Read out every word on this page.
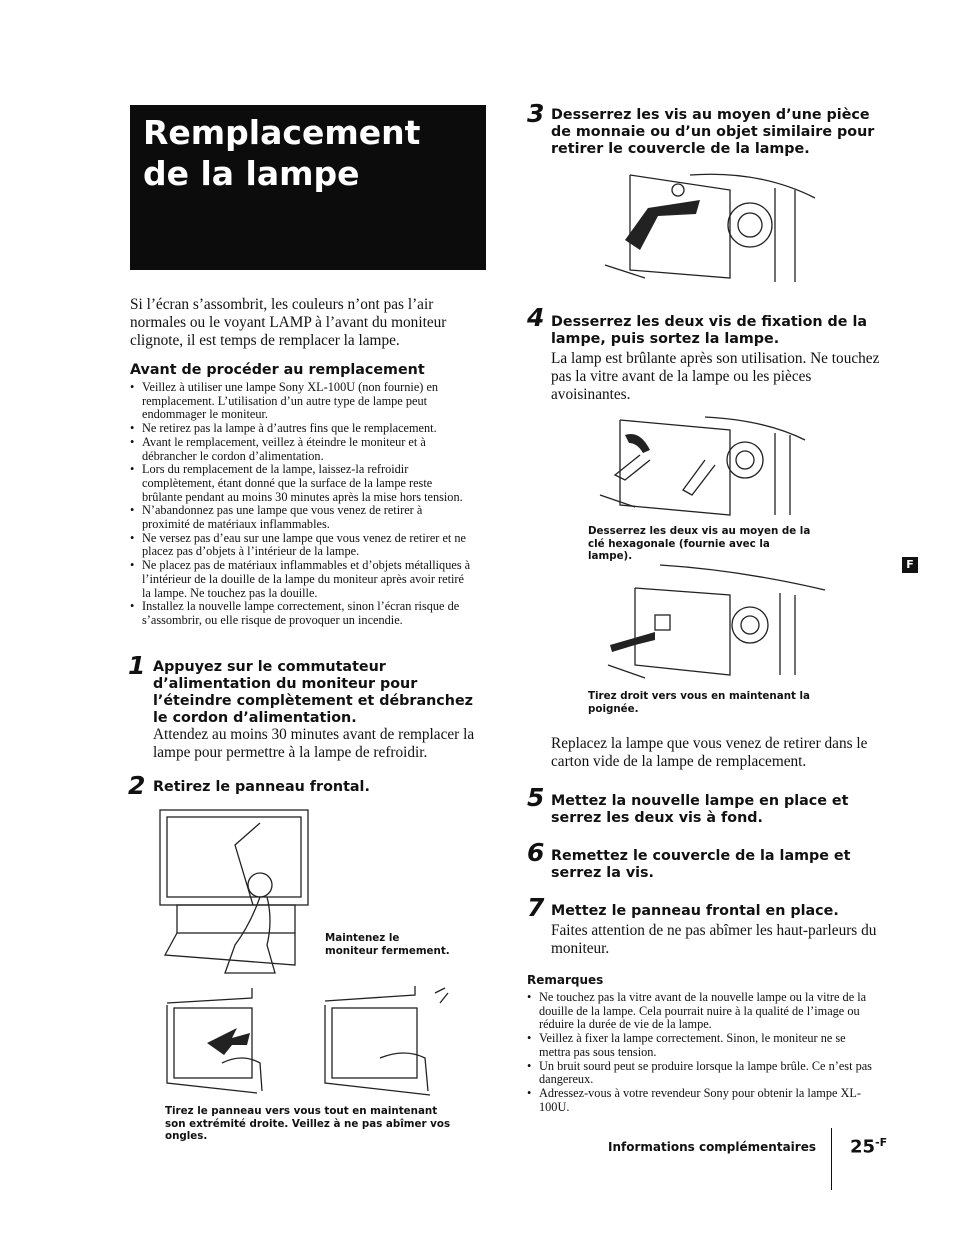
Remplacement de la lampe
Si l’écran s’assombrit, les couleurs n’ont pas l’air normales ou le voyant LAMP à l’avant du moniteur clignote, il est temps de remplacer la lampe.
Avant de procéder au remplacement
• Veillez à utiliser une lampe Sony XL-100U (non fournie) en remplacement. L’utilisation d’un autre type de lampe peut endommager le moniteur.
• Ne retirez pas la lampe à d’autres fins que le remplacement.
• Avant le remplacement, veillez à éteindre le moniteur et à débrancher le cordon d’alimentation.
• Lors du remplacement de la lampe, laissez-la refroidir complètement, étant donné que la surface de la lampe reste brûlante pendant au moins 30 minutes après la mise hors tension.
• N’abandonnez pas une lampe que vous venez de retirer à proximité de matériaux inflammables.
• Ne versez pas d’eau sur une lampe que vous venez de retirer et ne placez pas d’objets à l’intérieur de la lampe.
• Ne placez pas de matériaux inflammables et d’objets métalliques à l’intérieur de la douille de la lampe du moniteur après avoir retiré la lampe. Ne touchez pas la douille.
• Installez la nouvelle lampe correctement, sinon l’écran risque de s’assombrir, ou elle risque de provoquer un incendie.
1 Appuyez sur le commutateur d’alimentation du moniteur pour l’éteindre complètement et débranchez le cordon d’alimentation.
Attendez au moins 30 minutes avant de remplacer la lampe pour permettre à la lampe de refroidir.
2 Retirez le panneau frontal.
Maintenez le moniteur fermement.
Tirez le panneau vers vous tout en maintenant son extrémité droite. Veillez à ne pas abîmer vos ongles.
3 Desserrez les vis au moyen d’une pièce de monnaie ou d’un objet similaire pour retirer le couvercle de la lampe.
4 Desserrez les deux vis de fixation de la lampe, puis sortez la lampe.
La lamp est brûlante après son utilisation. Ne touchez pas la vitre avant de la lampe ou les pièces avoisinantes.
Desserrez les deux vis au moyen de la clé hexagonale (fournie avec la lampe).
Tirez droit vers vous en maintenant la poignée.
F
Replacez la lampe que vous venez de retirer dans le carton vide de la lampe de remplacement.
5 Mettez la nouvelle lampe en place et serrez les deux vis à fond.
6 Remettez le couvercle de la lampe et serrez la vis.
7 Mettez le panneau frontal en place.
Faites attention de ne pas abîmer les haut-parleurs du moniteur.
Remarques
• Ne touchez pas la vitre avant de la nouvelle lampe ou la vitre de la douille de la lampe. Cela pourrait nuire à la qualité de l’image ou réduire la durée de vie de la lampe.
• Veillez à fixer la lampe correctement. Sinon, le moniteur ne se mettra pas sous tension.
• Un bruit sourd peut se produire lorsque la lampe brûle. Ce n’est pas dangereux.
• Adressez-vous à votre revendeur Sony pour obtenir la lampe XL-100U.
Informations complémentaires $25^{-F}$
